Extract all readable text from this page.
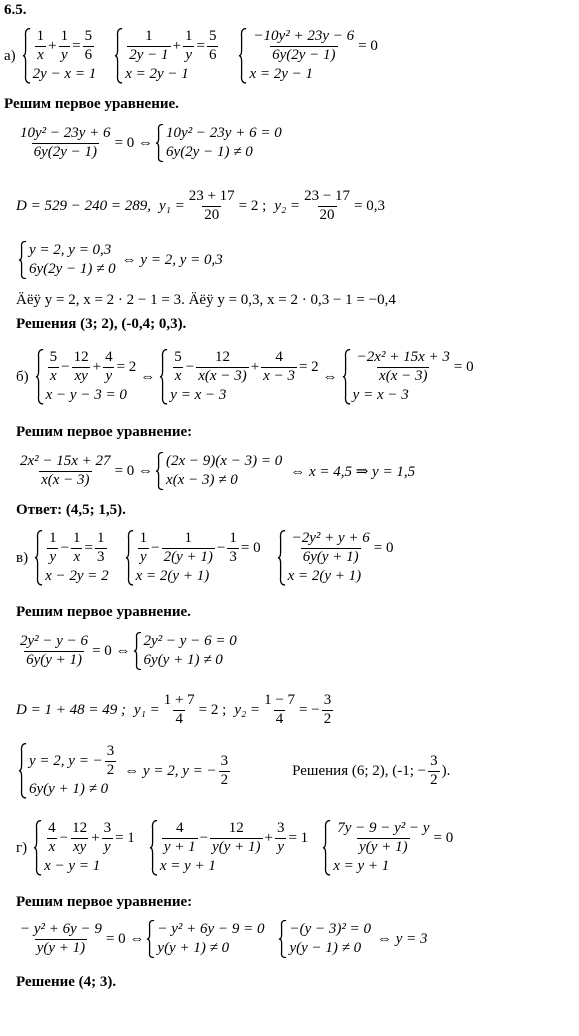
6.5.
$а) \frac{1}{x} + \frac{1}{y} = \frac{5}{6}$
2y − x = 1
$\frac{1}{2y - 1} + \frac{1}{y} = \frac{5}{6}$
x = 2y − 1
$\frac{\text{−10y² + 23y − 6}}{6y(2y - 1)} = 0$
x = 2y − 1
Решим первое уравнение.
$\frac{\text{10y² − 23y + 6}}{6y(2y - 1)} = 0$ ⇔
10y² − 23y + 6 = 0
6y(2y − 1) ≠ 0
D = 529 − 240 = 289, $y_1 = \frac{23 + 17}{20} = 2$ ; $y_2 = \frac{23 - 17}{20} = 0,3$
y = 2, y = 0,3
6y(2y − 1) ≠ 0
⇔ y = 2, y = 0,3
Äëÿ y = 2, x = 2 · 2 − 1 = 3. Äëÿ y = 0,3, x = 2 · 0,3 − 1 = −0,4
Решения (3; 2), (-0,4; 0,3).
$б) \frac{5}{x} - \frac{12}{xy} + \frac{4}{y} = 2$
x − y − 3 = 0
⇔ $\frac{5}{x} - \frac{12}{x(x - 3)} + \frac{4}{x - 3} = 2$
y = x − 3
⇔ $\frac{\text{−2x² + 15x + 3}}{x(x - 3)} = 0$
y = x − 3
Решим первое уравнение:
$\frac{\text{2x² − 15x + 27}}{x(x - 3)} = 0$ ⇔
(2x − 9)(x − 3) = 0
x(x − 3) ≠ 0
⇔ x = 4,5 ⇒ y = 1,5
Ответ: (4,5; 1,5).
$в) \frac{1}{y} - \frac{1}{x} = \frac{1}{3}$
x − 2y = 2
$\frac{1}{y} - \frac{1}{2(y + 1)} - \frac{1}{3} = 0$
x = 2(y + 1)
$\frac{\text{−2y² + y + 6}}{6y(y + 1)} = 0$
x = 2(y + 1)
Решим первое уравнение.
$\frac{\text{2y² − y − 6}}{6y(y + 1)} = 0$ ⇔
2y² − y − 6 = 0
6y(y + 1) ≠ 0
D = 1 + 48 = 49 ; $y_1 = \frac{1 + 7}{4} = 2$ ; $y_2 = \frac{1 - 7}{4}$ = − $\frac{3}{2}$
y = 2, y = − $\frac{3}{2}$
6y(y + 1) ≠ 0
⇔ y = 2, y = − $\frac{3}{2}$	Решения (6; 2), (-1; − $\frac{3}{2}$ ).
$г) \frac{4}{x} - \frac{12}{xy} + \frac{3}{y} = 1$
x − y = 1
$\frac{4}{y + 1} - \frac{12}{y(y + 1)} + \frac{3}{y} = 1$
x = y + 1
$\frac{\text{7y − 9 − y² − y}}{y(y + 1)} = 0$
x = y + 1
Решим первое уравнение:
$\frac{\text{− y² + 6y − 9}}{y(y + 1)} = 0$ ⇔
− y² + 6y − 9 = 0
y(y + 1) ≠ 0
−(y − 3)² = 0
y(y − 1) ≠ 0
⇔ y = 3
Решение (4; 3).
